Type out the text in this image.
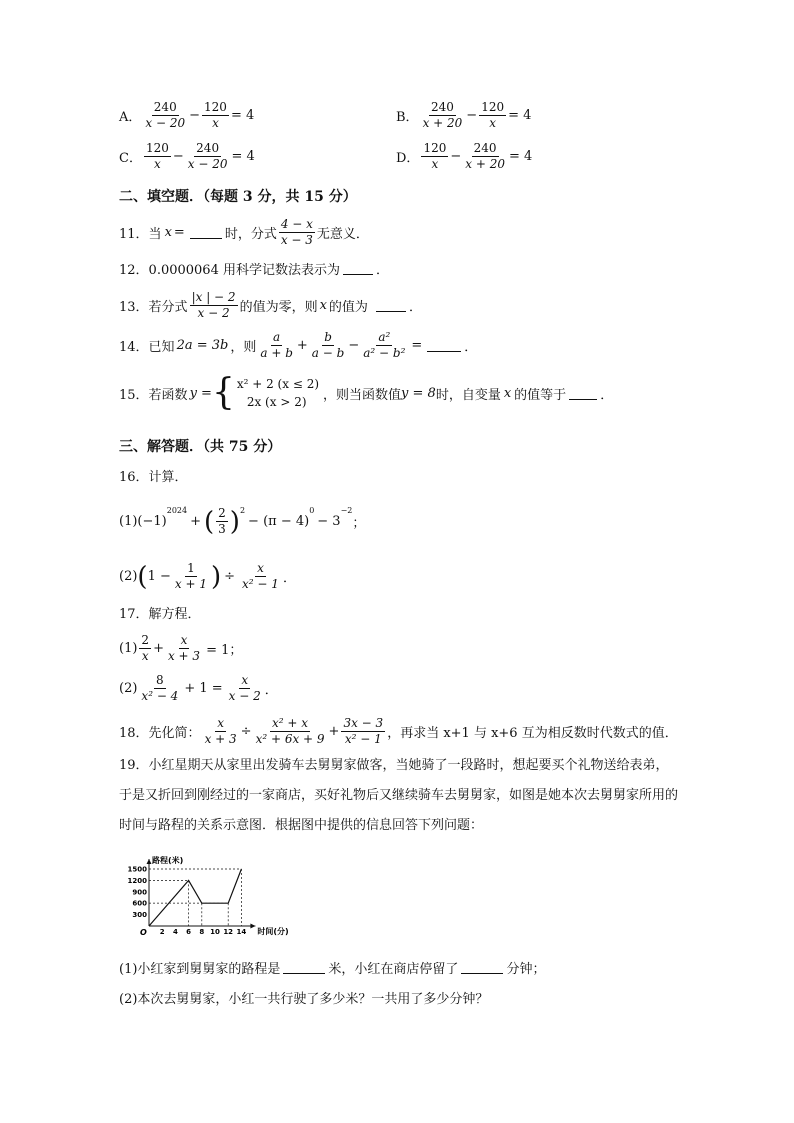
A． $\frac{240}{x - 20} - \frac{120}{x} = 4$	B． $\frac{240}{x + 20} - \frac{120}{x} = 4$
C． $\frac{120}{x} - \frac{240}{x - 20} = 4$	D． $\frac{120}{x} - \frac{240}{x + 20} = 4$
二、填空题．（每题 3 分，共 15 分）
11． 当 x =	时，分式 $\frac{4 - x}{x - 3}$ 无意义．
12． 0.0000064 用科学记数法表示为	．
13． 若分式 $\frac{|x | - 2}{x - 2}$ 的值为零，则 x 的值为	．
14． 已知 2a = 3b ，则 $\frac{a}{a + b} + \frac{b}{a - b} - \frac{\text{a²}}{\text{a² − b²}}$ =	．
15． 若函数 y = { x² + 2 (x ≤ 2)
2x (x > 2)	，则当函数值 y = 8 时，自变量 x 的值等于	．
三、解答题．（共 75 分）
16．计算．
(1) (−1)
$^{2024}$
+ ( $\frac{2}{3} )^2$
− (π − 4)
$^0$
− 3
$^{-2}$
；
(2) ( $1 - \frac{1}{x + 1}$ ) ÷ $\frac{x}{\text{x² − 1}}$ ．
17．解方程．
$(1) \frac{2}{x} + \frac{x}{x + 3} = 1$；
$(2) \frac{8}{\text{x² − 4}} + 1 = \frac{x}{x - 2}$ ．
18． 先化简： $\frac{x}{x + 3} \div \frac{\text{x² + x}}{\text{x² + 6x + 9}} + \frac{3x - 3}{\text{x² − 1}}$ ，再求当 x+1 与 x+6 互为相反数时代数式的值．
19．小红星期天从家里出发骑车去舅舅家做客，当她骑了一段路时，想起要买个礼物送给表弟，于是又折回到刚经过的一家商店，买好礼物后又继续骑车去舅舅家，如图是她本次去舅舅家所用的时间与路程的关系示意图．根据图中提供的信息回答下列问题：
路程(米)
时间(分)
O 2 4 6 8 10 12 14
300
600
900
1200
1500
(1)小红家到舅舅家的路程是	米，小红在商店停留了	分钟；
(2)本次去舅舅家，小红一共行驶了多少米？一共用了多少分钟？
